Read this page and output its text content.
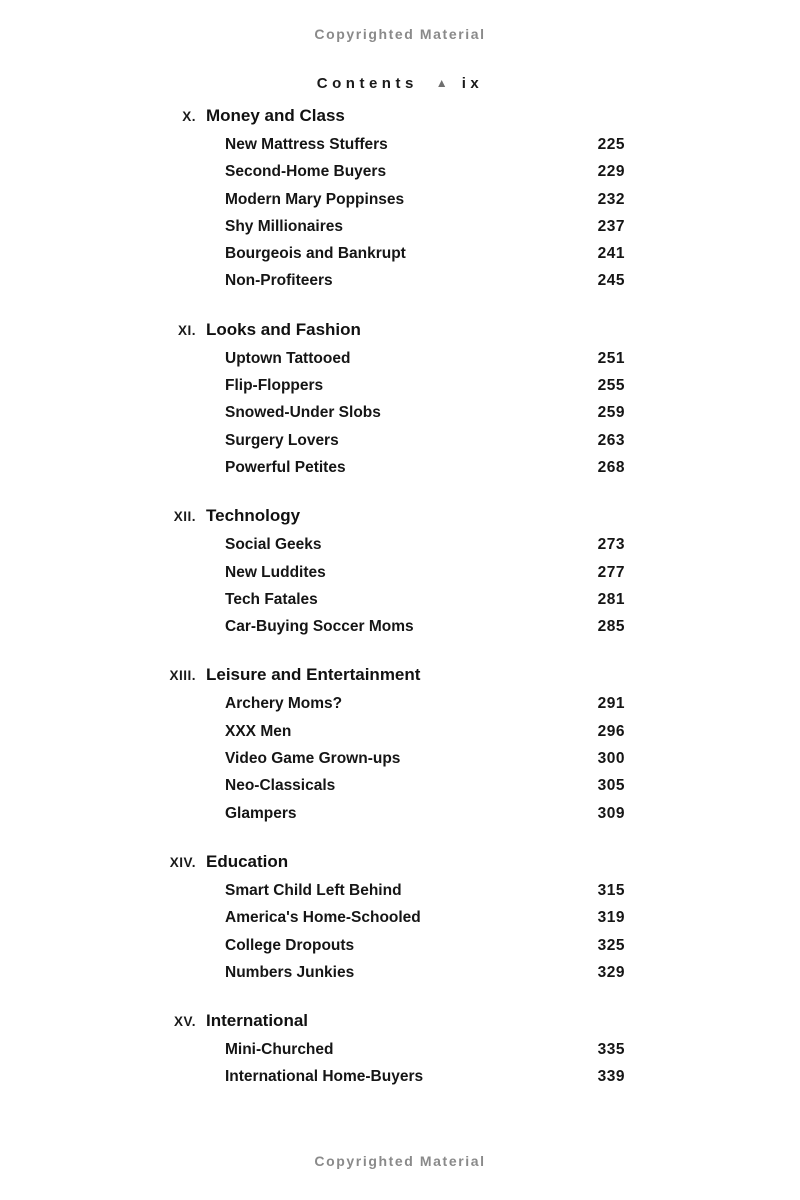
Copyrighted Material
Contents ▲ ix
X. Money and Class
New Mattress Stuffers	225
Second-Home Buyers	229
Modern Mary Poppinses	232
Shy Millionaires	237
Bourgeois and Bankrupt	241
Non-Profiteers	245
XI. Looks and Fashion
Uptown Tattooed	251
Flip-Floppers	255
Snowed-Under Slobs	259
Surgery Lovers	263
Powerful Petites	268
XII. Technology
Social Geeks	273
New Luddites	277
Tech Fatales	281
Car-Buying Soccer Moms	285
XIII. Leisure and Entertainment
Archery Moms?	291
XXX Men	296
Video Game Grown-ups	300
Neo-Classicals	305
Glampers	309
XIV. Education
Smart Child Left Behind	315
America's Home-Schooled	319
College Dropouts	325
Numbers Junkies	329
XV. International
Mini-Churched	335
International Home-Buyers	339
Copyrighted Material
